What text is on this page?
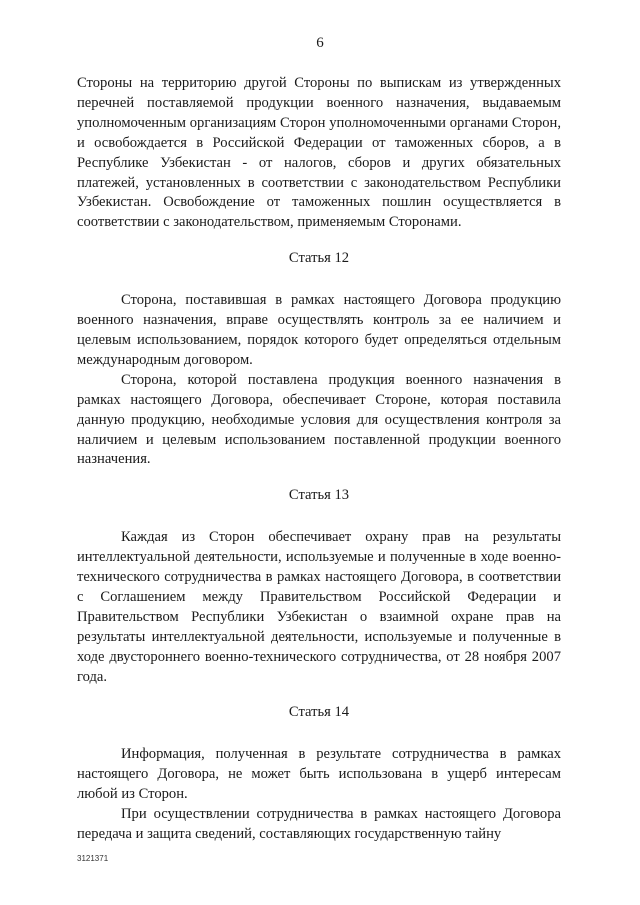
6

Стороны на территорию другой Стороны по выпискам из утвержденных перечней поставляемой продукции военного назначения, выдаваемым уполномоченным организациям Сторон уполномоченными органами Сторон, и освобождается в Российской Федерации от таможенных сборов, а в Республике Узбекистан - от налогов, сборов и других обязательных платежей, установленных в соответствии с законодательством Республики Узбекистан. Освобождение от таможенных пошлин осуществляется в соответствии с законодательством, применяемым Сторонами.

Статья 12

Сторона, поставившая в рамках настоящего Договора продукцию военного назначения, вправе осуществлять контроль за ее наличием и целевым использованием, порядок которого будет определяться отдельным международным договором.

Сторона, которой поставлена продукция военного назначения в рамках настоящего Договора, обеспечивает Стороне, которая поставила данную продукцию, необходимые условия для осуществления контроля за наличием и целевым использованием поставленной продукции военного назначения.

Статья 13

Каждая из Сторон обеспечивает охрану прав на результаты интеллектуальной деятельности, используемые и полученные в ходе военно-технического сотрудничества в рамках настоящего Договора, в соответствии с Соглашением между Правительством Российской Федерации и Правительством Республики Узбекистан о взаимной охране прав на результаты интеллектуальной деятельности, используемые и полученные в ходе двустороннего военно-технического сотрудничества, от 28 ноября 2007 года.

Статья 14

Информация, полученная в результате сотрудничества в рамках настоящего Договора, не может быть использована в ущерб интересам любой из Сторон.

При осуществлении сотрудничества в рамках настоящего Договора передача и защита сведений, составляющих государственную тайну

3121371
